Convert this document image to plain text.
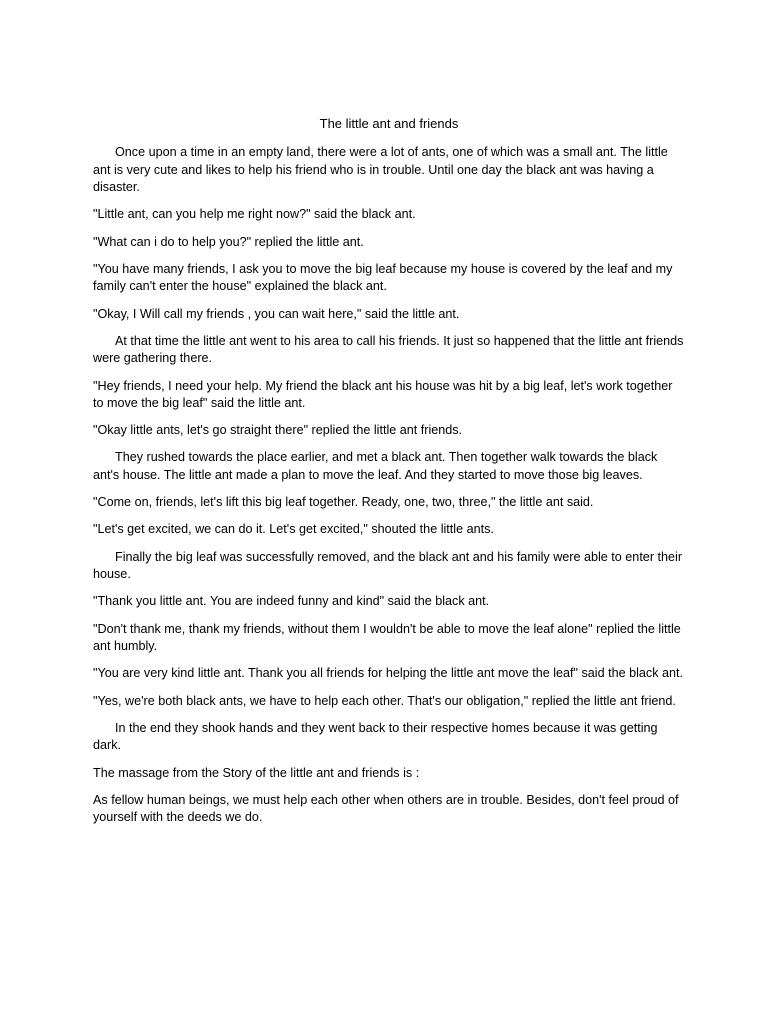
The little ant and friends

Once upon a time in an empty land, there were a lot of ants, one of which was a small ant. The little ant is very cute and likes to help his friend who is in trouble. Until one day the black ant was having a disaster.

"Little ant, can you help me right now?" said the black ant.

"What can i do to help you?" replied the little ant.

"You have many friends, I ask you to move the big leaf because my house is covered by the leaf and my family can't enter the house" explained the black ant.

"Okay, I Will call my friends , you can wait here," said the little ant.

At that time the little ant went to his area to call his friends. It just so happened that the little ant friends were gathering there.

"Hey friends, I need your help. My friend the black ant his house was hit by a big leaf, let's work together to move the big leaf" said the little ant.

"Okay little ants, let's go straight there" replied the little ant friends.

They rushed towards the place earlier, and met a black ant. Then together walk towards the black ant's house. The little ant made a plan to move the leaf. And they started to move those big leaves.

"Come on, friends, let's lift this big leaf together. Ready, one, two, three," the little ant said.

"Let's get excited, we can do it. Let's get excited," shouted the little ants.

Finally the big leaf was successfully removed, and the black ant and his family were able to enter their house.

"Thank you little ant. You are indeed funny and kind" said the black ant.

"Don't thank me, thank my friends, without them I wouldn't be able to move the leaf alone" replied the little ant humbly.

"You are very kind little ant. Thank you all friends for helping the little ant move the leaf" said the black ant.

"Yes, we're both black ants, we have to help each other. That's our obligation," replied the little ant friend.

In the end they shook hands and they went back to their respective homes because it was getting dark.

The massage from the Story of the little ant and friends is :

As fellow human beings, we must help each other when others are in trouble. Besides, don't feel proud of yourself with the deeds we do.
